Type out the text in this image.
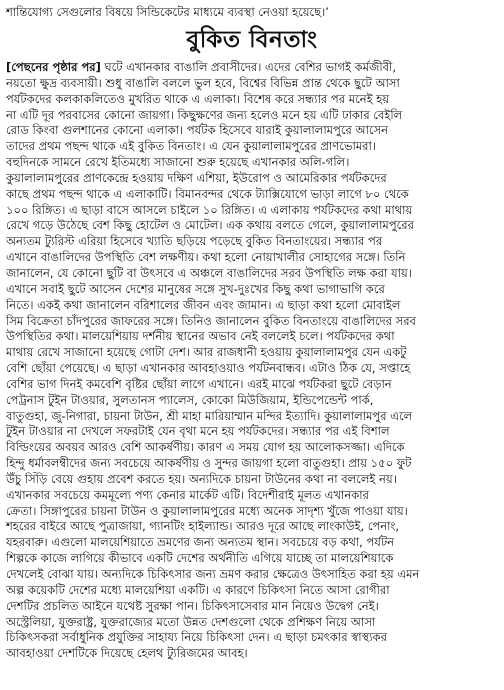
শান্তিযোগ্য সেগুলোর বিষয়ে সিন্ডিকেটের মাধ্যমে ব্যবস্থা নেওয়া হয়েছে।’
বুকিত বিনতাং
[পেছনের পৃষ্ঠার পর] ঘটে এখানকার বাঙালি প্রবাসীদের। এদের বেশির ভাগই কর্মজীবী,
নয়তো ক্ষুদ্র ব্যবসায়ী। শুধু বাঙালি বললে ভুল হবে, বিশ্বের বিভিন্ন প্রান্ত থেকে ছুটে আসা
পর্যটকদের কলকাকলিতেও মুখরিত থাকে এ এলাকা। বিশেষ করে সন্ধ্যার পর মনেই হয়
না এটি দূর পরবাসের কোনো জায়গা। কিছুক্ষণের জন্য হলেও মনে হয় এটি ঢাকার বেইলি
রোড কিংবা গুলশানের কোনো এলাকা। পর্যটক হিসেবে যারাই কুয়ালালামপুরে আসেন
তাদের প্রথম পছন্দ থাকে এই বুকিত বিনতাং। এ যেন কুয়ালালামপুরের প্রাণভোমরা।
বহুদিনকে সামনে রেখে ইতিমধ্যে সাজানো শুরু হয়েছে এখানকার অলি-গলি।
কুয়ালালামপুরের প্রাণকেন্দ্রে হওয়ায় দক্ষিণ এশিয়া, ইউরোপ ও আমেরিকার পর্যটকদের
কাছে প্রথম পছন্দ থাকে এ এলাকাটি। বিমানবন্দর থেকে ট্যাক্সিযোগে ভাড়া লাগে ৮০ থেকে
১০০ রিঙ্গিত। এ ছাড়া বাসে আসলে চাইলে ১০ রিঙ্গিত। এ এলাকায় পর্যটকদের কথা মাথায়
রেখে গড়ে উঠেছে বেশ কিছু হোটেল ও মোটেল। এক কথায় বলতে গেলে, কুয়ালালামপুরের
অন্যতম ট্যুরিস্ট এরিয়া হিসেবে খ্যাতি ছড়িয়ে পড়েছে বুকিত বিনতাংয়ের। সন্ধ্যার পর
এখানে বাঙালিদের উপস্থিতি বেশ লক্ষণীয়। কথা হলো নোয়াখালীর সোহাগের সঙ্গে। তিনি
জানালেন, যে কোনো ছুটি বা উৎসবে এ অঞ্চলে বাঙালিদের সরব উপস্থিতি লক্ষ করা যায়।
এখানে সবাই ছুটে আসেন দেশের মানুষের সঙ্গে সুখ-দুঃখের কিছু কথা ভাগাভাগি করে
নিতে। একই কথা জানালেন বরিশালের জীবন এবং জামান। এ ছাড়া কথা হলো মোবাইল
সিম বিক্রেতা চাঁদপুরের জাফরের সঙ্গে। তিনিও জানালেন বুকিত বিনতাংয়ে বাঙালিদের সরব
উপস্থিতির কথা। মালয়েশিয়ায় দর্শনীয় স্থানের অভাব নেই বললেই চলে। পর্যটকদের কথা
মাথায় রেখে সাজানো হয়েছে গোটা দেশ। আর রাজধানী হওয়ায় কুয়ালালামপুর যেন একটু
বেশি ছোঁয়া পেয়েছে। এ ছাড়া এখানকার আবহাওয়াও পর্যটনবান্ধব। এটাও ঠিক যে, সপ্তাহে
বেশির ভাগ দিনই কমবেশি বৃষ্টির ছোঁয়া লাগে এখানে। এরই মাঝে পর্যটকরা ছুটে বেড়ান
পেট্রনাস টুইন টাওয়ার, সুলতানস প্যালেস, কোকো মিউজিয়াম, ইন্ডিপেন্ডেন্ট পার্ক,
বাতুগুহা, জু-নিগারা, চায়না টাউন, শ্রী মাহা মারিয়াম্মান মন্দির ইত্যাদি। কুয়ালালামপুর এলে
টুইন টাওয়ার না দেখলে সফরটাই যেন বৃথা মনে হয় পর্যটকদের। সন্ধ্যার পর এই বিশাল
বিল্ডিংয়ের অবয়ব আরও বেশি আকর্ষণীয়। কারণ এ সময় যোগ হয় আলোকসজ্জা। এদিকে
হিন্দু ধর্মাবলম্বীদের জন্য সবচেয়ে আকর্ষণীয় ও সুন্দর জায়গা হলো বাতুগুহা। প্রায় ১৫০ ফুট
উঁচু সিঁড়ি বেয়ে গুহায় প্রবেশ করতে হয়। অন্যদিকে চায়না টাউনের কথা না বললেই নয়।
এখানকার সবচেয়ে কমমূল্যে পণ্য কেনার মার্কেট এটি। বিদেশীরাই মূলত এখানকার
ক্রেতা। সিঙ্গাপুরের চায়না টাউন ও কুয়ালালামপুরের মধ্যে অনেক সাদৃশ্য খুঁজে পাওয়া যায়।
শহরের বাইরে আছে পুত্রাজায়া, গ্যানটিং হাইল্যান্ড। আরও দূরে আছে লাংকাউই, পেনাং,
যহরবারু। এগুলো মালয়েশিয়াতে ভ্রমণের জন্য অন্যতম স্থান। সবচেয়ে বড় কথা, পর্যটন
শিল্পকে কাজে লাগিয়ে কীভাবে একটি দেশের অর্থনীতি এগিয়ে যাচ্ছে তা মালয়েশিয়াকে
দেখলেই বোঝা যায়। অন্যদিকে চিকিৎসার জন্য ভ্রমণ করার ক্ষেত্রেও উৎসাহিত করা হয় এমন
অল্প কয়েকটি দেশের মধ্যে মালয়েশিয়া একটি। এ কারণে চিকিৎসা নিতে আসা রোগীরা
দেশটির প্রচলিত আইনে যথেষ্ট সুরক্ষা পান। চিকিৎসাসেবার মান নিয়েও উদ্বেগ নেই।
অস্ট্রেলিয়া, যুক্তরাষ্ট্র, যুক্তরাজ্যের মতো উন্নত দেশগুলো থেকে প্রশিক্ষণ নিয়ে আসা
চিকিৎসকরা সর্বাধুনিক প্রযুক্তির সাহায্য নিয়ে চিকিৎসা দেন। এ ছাড়া চমৎকার স্বাস্থ্যকর
আবহাওয়া দেশটিকে দিয়েছে হেলথ ট্যুরিজমের আবহ।
